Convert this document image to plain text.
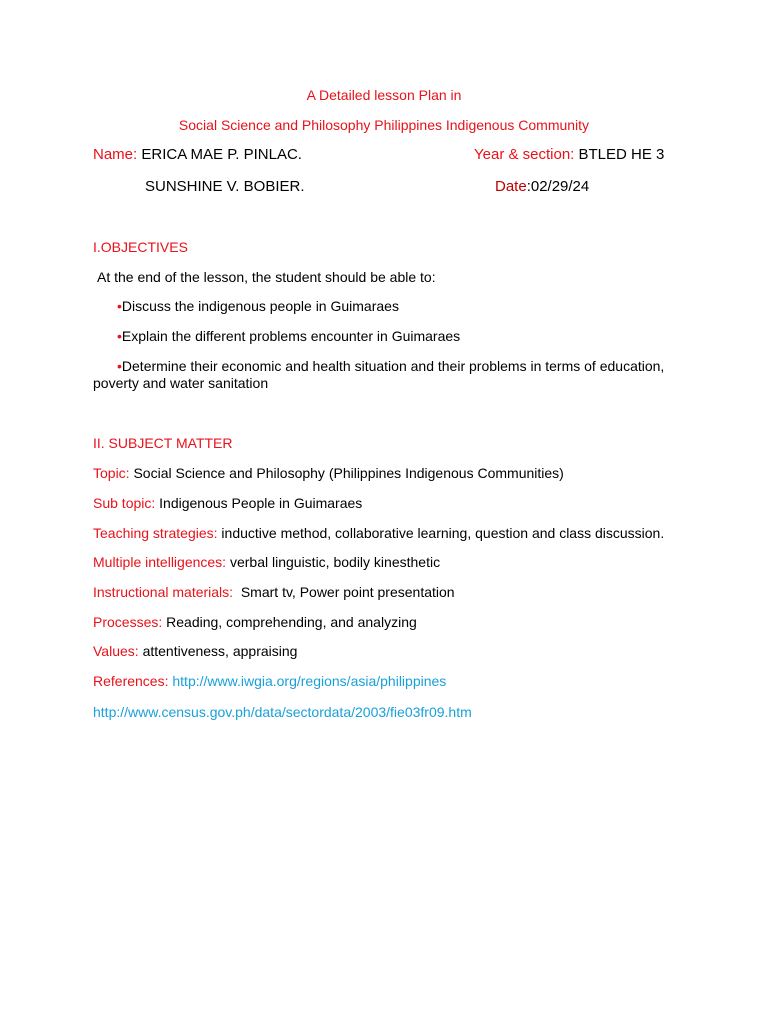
A Detailed lesson Plan in
Social Science and Philosophy Philippines Indigenous Community
Name: ERICA MAE P. PINLAC.	Year & section: BTLED HE 3
SUNSHINE V. BOBIER.	Date:02/29/24
I.OBJECTIVES
At the end of the lesson, the student should be able to:
•Discuss the indigenous people in Guimaraes
•Explain the different problems encounter in Guimaraes
•Determine their economic and health situation and their problems in terms of education, poverty and water sanitation
II. SUBJECT MATTER
Topic: Social Science and Philosophy (Philippines Indigenous Communities)
Sub topic: Indigenous People in Guimaraes
Teaching strategies: inductive method, collaborative learning, question and class discussion.
Multiple intelligences: verbal linguistic, bodily kinesthetic
Instructional materials: Smart tv, Power point presentation
Processes: Reading, comprehending, and analyzing
Values: attentiveness, appraising
References: http://www.iwgia.org/regions/asia/philippines
http://www.census.gov.ph/data/sectordata/2003/fie03fr09.htm
